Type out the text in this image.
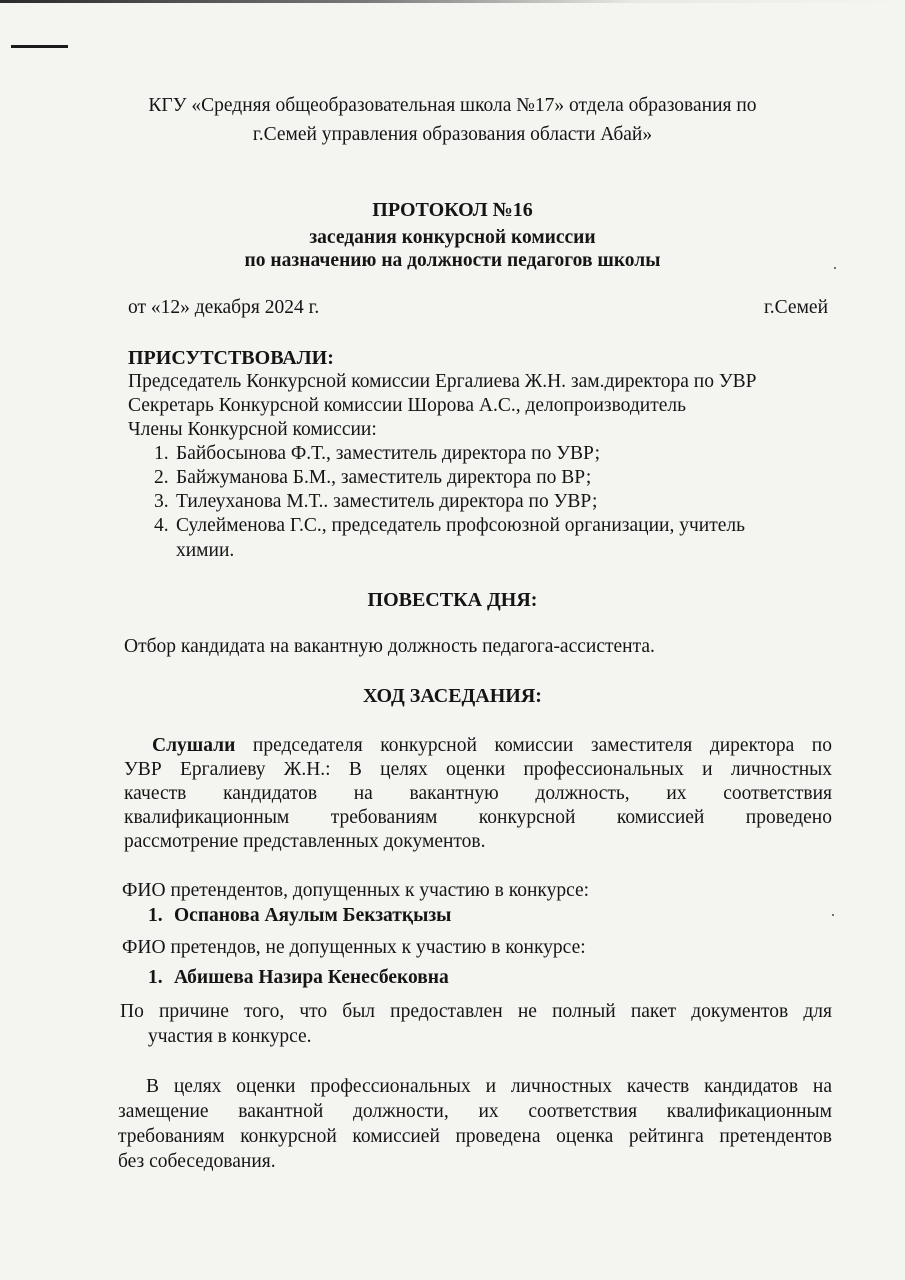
КГУ «Средняя общеобразовательная школа №17» отдела образования по
г.Семей управления образования области Абай»
ПРОТОКОЛ №16
заседания конкурсной комиссии
по назначению на должности педагогов школы
от «12» декабря 2024 г.	г.Семей
ПРИСУТСТВОВАЛИ:
Председатель Конкурсной комиссии Ергалиева Ж.Н. зам.директора по УВР
Секретарь Конкурсной комиссии Шорова А.С., делопроизводитель
Члены Конкурсной комиссии:
1. Байбосынова Ф.Т., заместитель директора по УВР;
2. Байжуманова Б.М., заместитель директора по ВР;
3. Тилеуханова М.Т.. заместитель директора по УВР;
4. Сулейменова Г.С., председатель профсоюзной организации, учитель
химии.
ПОВЕСТКА ДНЯ:
Отбор кандидата на вакантную должность педагога-ассистента.
ХОД ЗАСЕДАНИЯ:
Слушали председателя конкурсной комиссии заместителя директора по
УВР Ергалиеву Ж.Н.: В целях оценки профессиональных и личностных
качеств кандидатов на вакантную должность, их соответствия
квалификационным требованиям конкурсной комиссией проведено
рассмотрение представленных документов.
ФИО претендентов, допущенных к участию в конкурсе:
1. Оспанова Аяулым Бекзатқызы
ФИО претендов, не допущенных к участию в конкурсе:
1. Абишева Назира Кенесбековна
По причине того, что был предоставлен не полный пакет документов для
участия в конкурсе.
В целях оценки профессиональных и личностных качеств кандидатов на
замещение вакантной должности, их соответствия квалификационным
требованиям конкурсной комиссией проведена оценка рейтинга претендентов
без собеседования.
